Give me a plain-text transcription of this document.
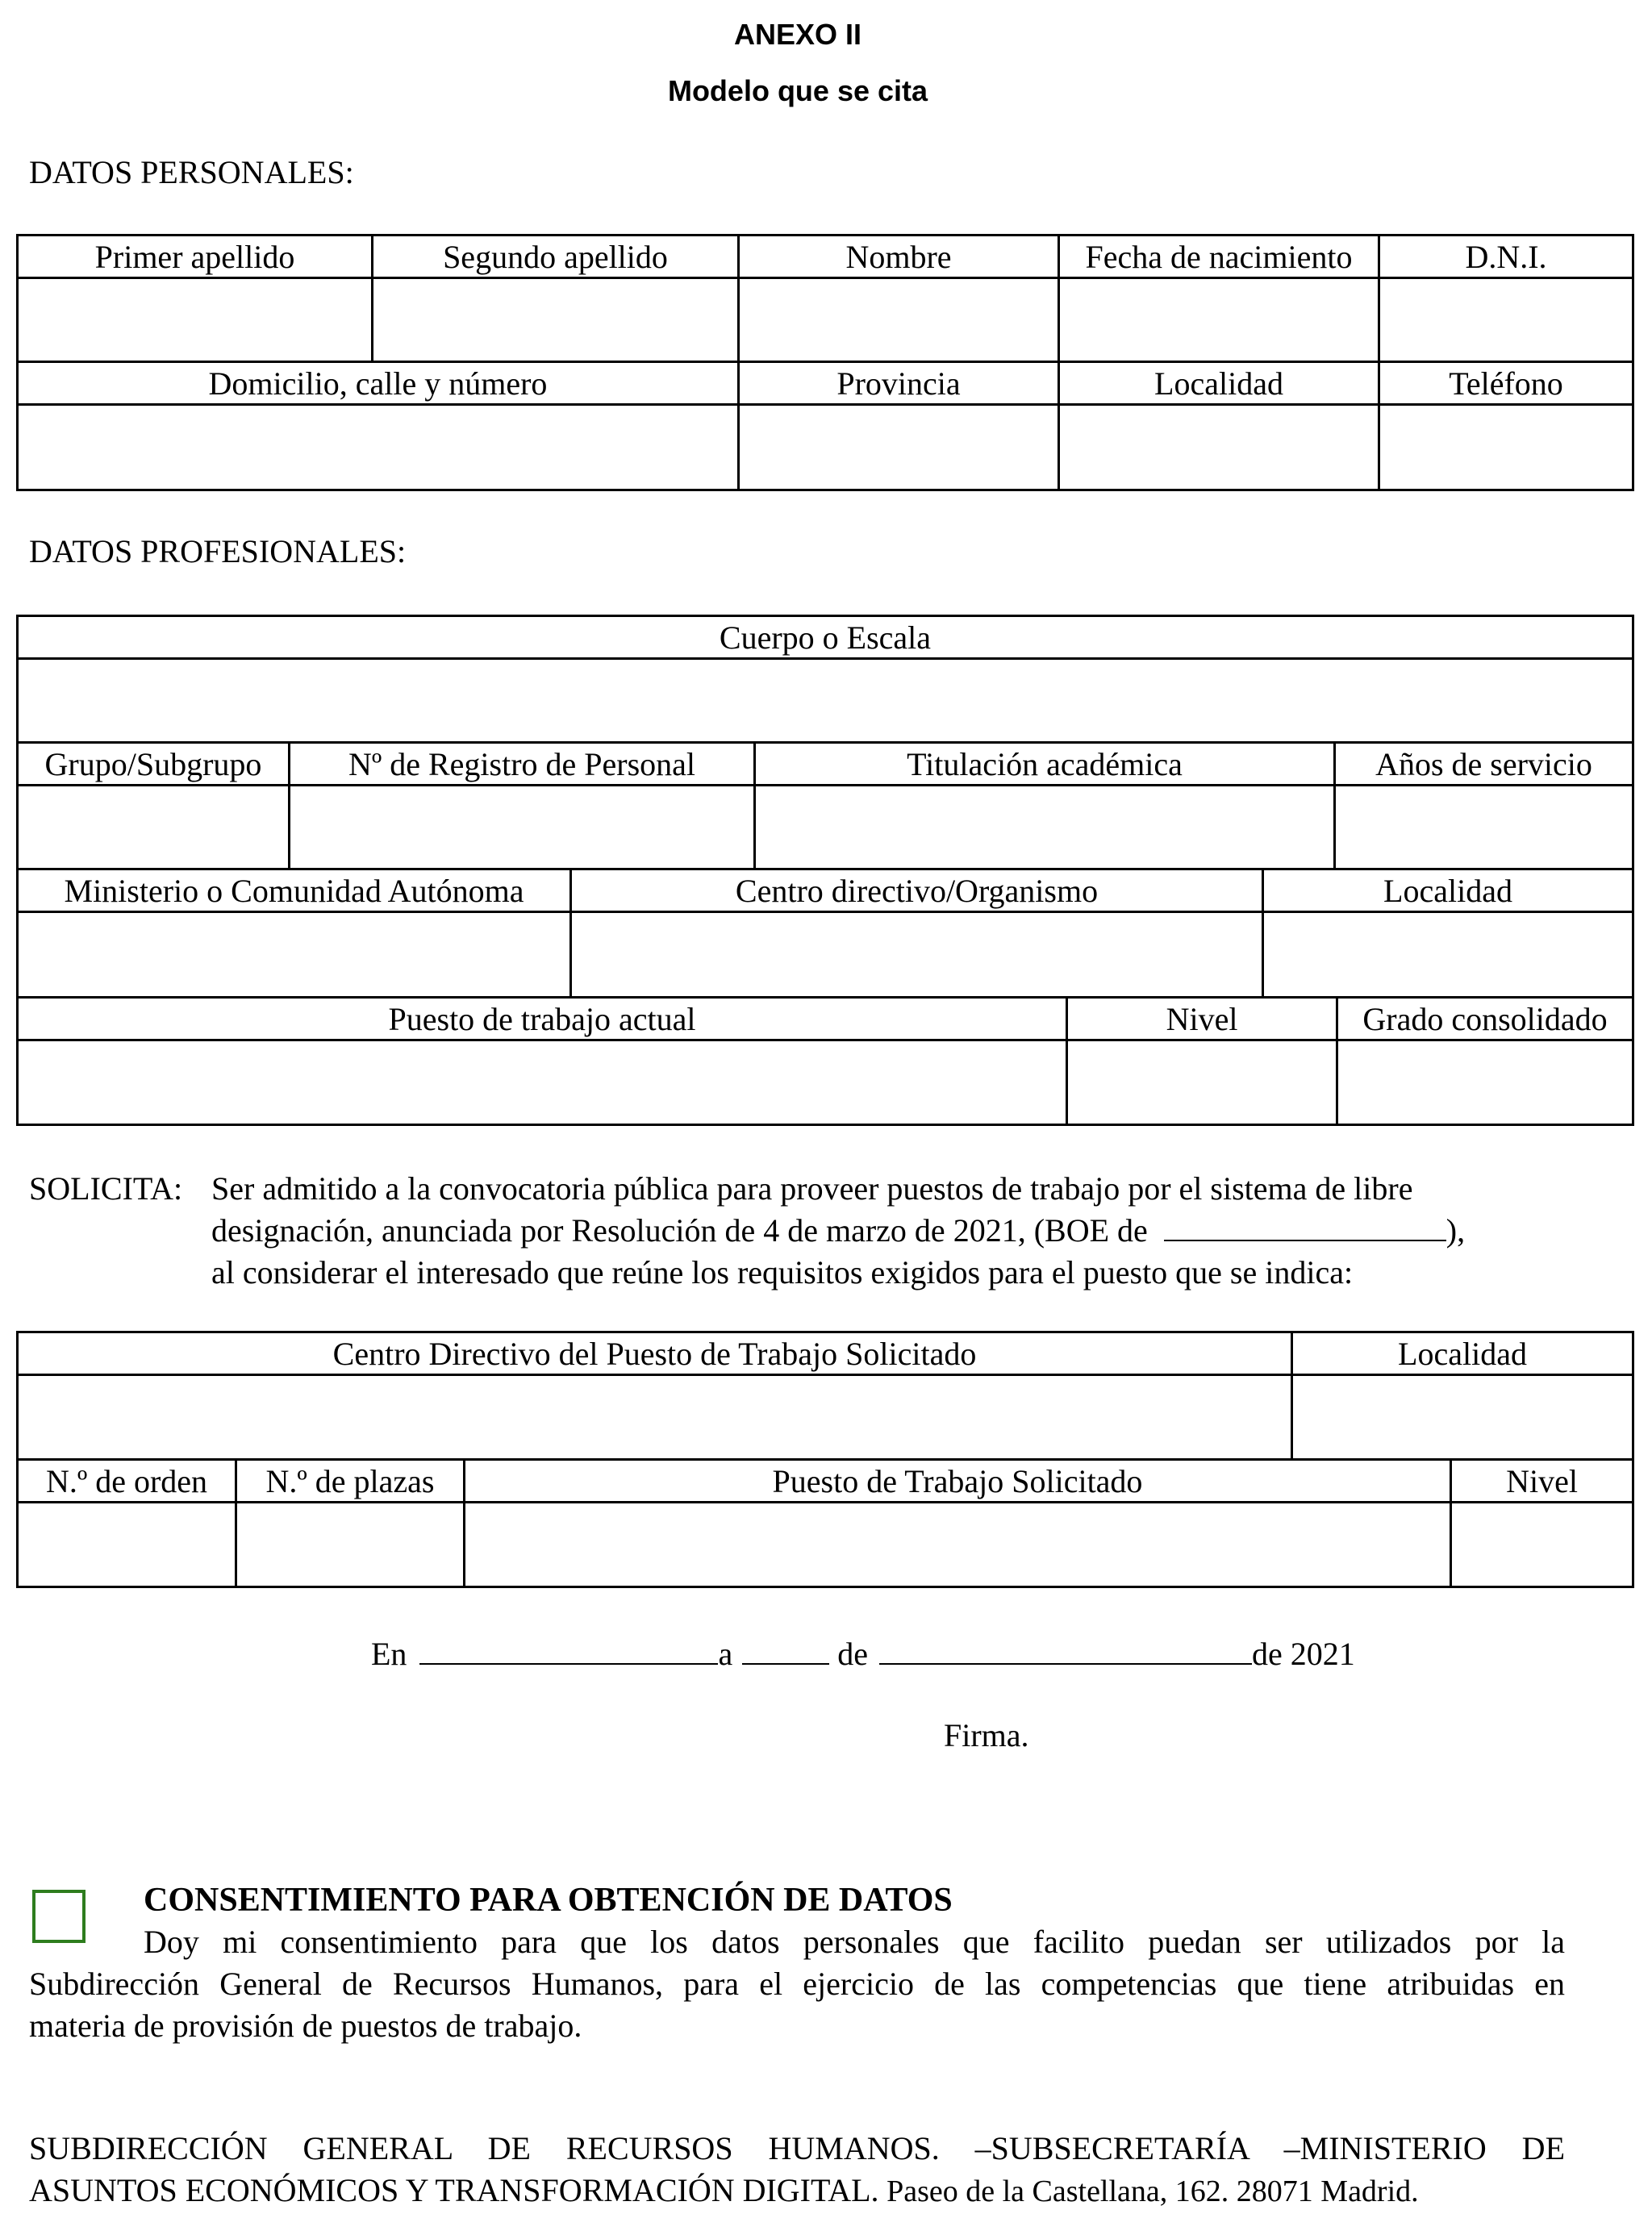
ANEXO II
Modelo que se cita
DATOS PERSONALES:
Primer apellido	Segundo apellido	Nombre	Fecha de nacimiento	D.N.I.
Domicilio, calle y número	Provincia	Localidad	Teléfono
DATOS PROFESIONALES:
Cuerpo o Escala
Grupo/Subgrupo	Nº de Registro de Personal	Titulación académica	Años de servicio
Ministerio o Comunidad Autónoma	Centro directivo/Organismo	Localidad
Puesto de trabajo actual	Nivel	Grado consolidado
SOLICITA: Ser admitido a la convocatoria pública para proveer puestos de trabajo por el sistema de libre
designación, anunciada por Resolución de 4 de marzo de 2021, (BOE de	),
al considerar el interesado que reúne los requisitos exigidos para el puesto que se indica:
Centro Directivo del Puesto de Trabajo Solicitado	Localidad
N.º de orden	N.º de plazas	Puesto de Trabajo Solicitado	Nivel
En	a	de	de 2021
Firma.
CONSENTIMIENTO PARA OBTENCIÓN DE DATOS
Doy mi consentimiento para que los datos personales que facilito puedan ser utilizados por la
Subdirección General de Recursos Humanos, para el ejercicio de las competencias que tiene atribuidas en
materia de provisión de puestos de trabajo.
SUBDIRECCIÓN GENERAL DE RECURSOS HUMANOS. –SUBSECRETARÍA –MINISTERIO DE
ASUNTOS ECONÓMICOS Y TRANSFORMACIÓN DIGITAL. Paseo de la Castellana, 162. 28071 Madrid.
